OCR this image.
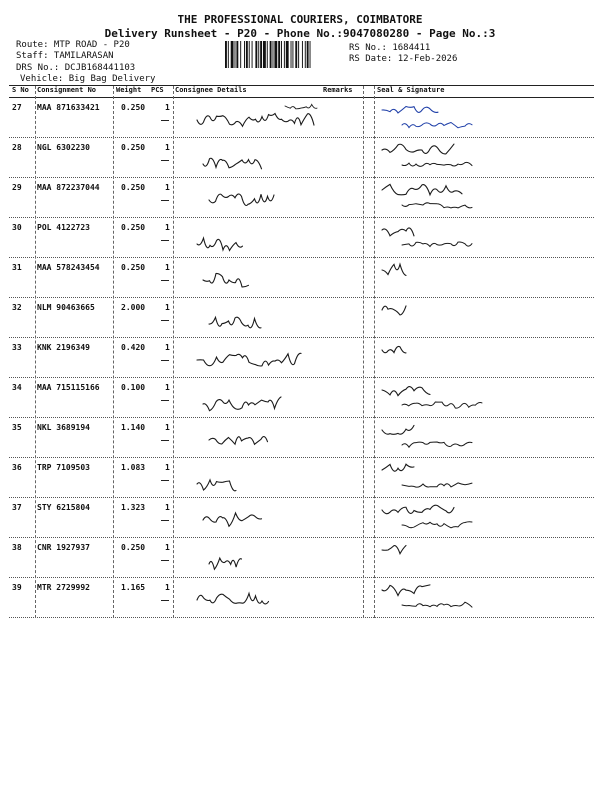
THE PROFESSIONAL COURIERS, COIMBATORE
Delivery Runsheet - P20 - Phone No.:9047080280 - Page No.:3
Route: MTP ROAD - P20
Staff: TAMILARASAN
DRS No.: DCJB168441103
Vehicle: Big Bag Delivery
RS No.: 1684411
RS Date: 12-Feb-2026
S No Consignment No	Weight PCS Consignee Details	Remarks	Seal & Signature
27 MAA 871633421	0.250 1
28 NGL 6302230	0.250 1
29 MAA 872237044	0.250 1
30 POL 4122723	0.250 1
31 MAA 578243454	0.250 1
32 NLM 90463665	2.000 1
33 KNK 2196349	0.420 1
34 MAA 715115166	0.100 1
35 NKL 3689194	1.140 1
36 TRP 7109503	1.083 1
37 STY 6215804	1.323 1
38 CNR 1927937	0.250 1
39 MTR 2729992	1.165 1
